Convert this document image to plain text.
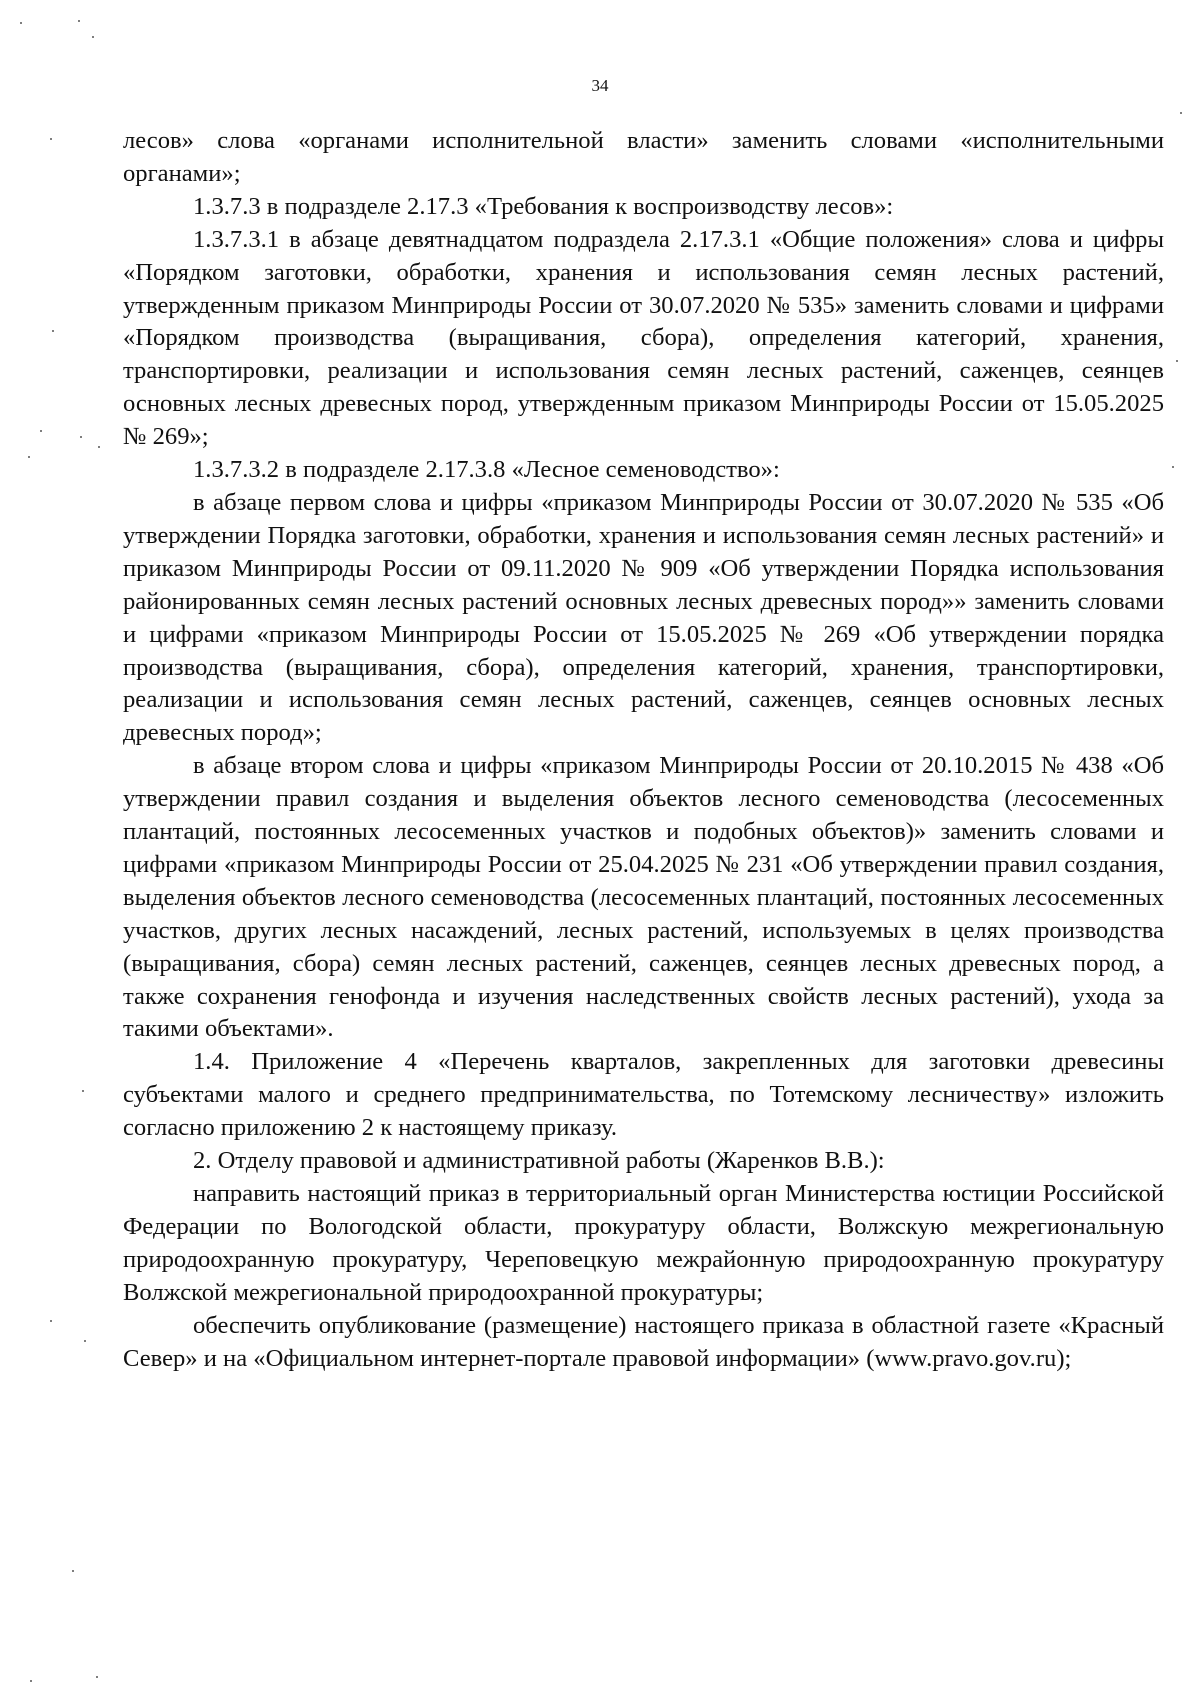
34

лесов» слова «органами исполнительной власти» заменить словами «исполнительными органами»;

1.3.7.3 в подразделе 2.17.3 «Требования к воспроизводству лесов»:

1.3.7.3.1 в абзаце девятнадцатом подраздела 2.17.3.1 «Общие положения» слова и цифры «Порядком заготовки, обработки, хранения и использования семян лесных растений, утвержденным приказом Минприроды России от 30.07.2020 № 535» заменить словами и цифрами «Порядком производства (выращивания, сбора), определения категорий, хранения, транспортировки, реализации и использования семян лесных растений, саженцев, сеянцев основных лесных древесных пород, утвержденным приказом Минприроды России от 15.05.2025 № 269»;

1.3.7.3.2 в подразделе 2.17.3.8 «Лесное семеноводство»:

в абзаце первом слова и цифры «приказом Минприроды России от 30.07.2020 № 535 «Об утверждении Порядка заготовки, обработки, хранения и использования семян лесных растений» и приказом Минприроды России от 09.11.2020 № 909 «Об утверждении Порядка использования районированных семян лесных растений основных лесных древесных пород»» заменить словами и цифрами «приказом Минприроды России от 15.05.2025 № 269 «Об утверждении порядка производства (выращивания, сбора), определения категорий, хранения, транспортировки, реализации и использования семян лесных растений, саженцев, сеянцев основных лесных древесных пород»;

в абзаце втором слова и цифры «приказом Минприроды России от 20.10.2015 № 438 «Об утверждении правил создания и выделения объектов лесного семеноводства (лесосеменных плантаций, постоянных лесосеменных участков и подобных объектов)» заменить словами и цифрами «приказом Минприроды России от 25.04.2025 № 231 «Об утверждении правил создания, выделения объектов лесного семеноводства (лесосеменных плантаций, постоянных лесосеменных участков, других лесных насаждений, лесных растений, используемых в целях производства (выращивания, сбора) семян лесных растений, саженцев, сеянцев лесных древесных пород, а также сохранения генофонда и изучения наследственных свойств лесных растений), ухода за такими объектами».

1.4. Приложение 4 «Перечень кварталов, закрепленных для заготовки древесины субъектами малого и среднего предпринимательства, по Тотемскому лесничеству» изложить согласно приложению 2 к настоящему приказу.

2. Отделу правовой и административной работы (Жаренков В.В.):

направить настоящий приказ в территориальный орган Министерства юстиции Российской Федерации по Вологодской области, прокуратуру области, Волжскую межрегиональную природоохранную прокуратуру, Череповецкую межрайонную природоохранную прокуратуру Волжской межрегиональной природоохранной прокуратуры;

обеспечить опубликование (размещение) настоящего приказа в областной газете «Красный Север» и на «Официальном интернет-портале правовой информации» (www.pravo.gov.ru);
